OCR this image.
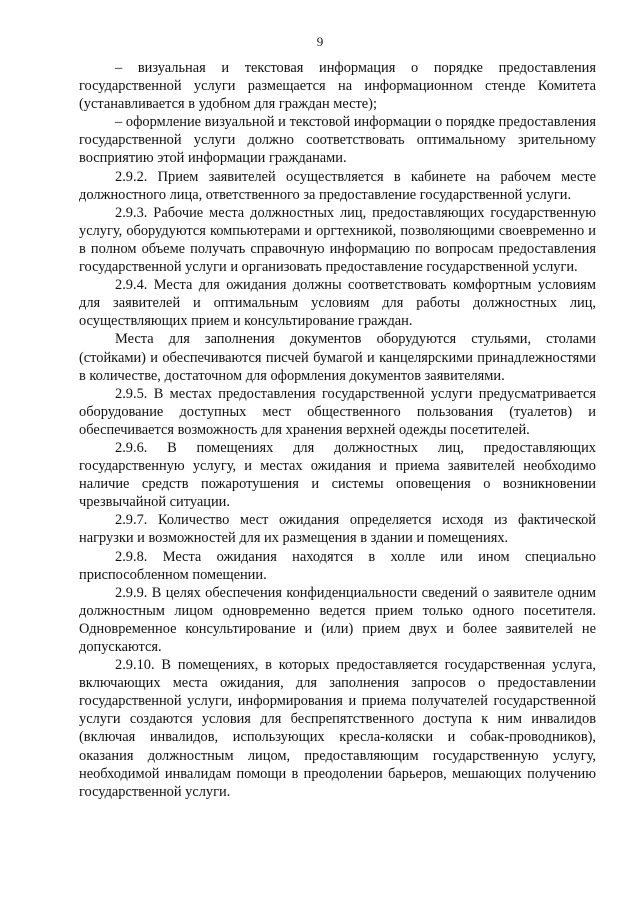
9

– визуальная и текстовая информация о порядке предоставления государственной услуги размещается на информационном стенде Комитета (устанавливается в удобном для граждан месте);

– оформление визуальной и текстовой информации о порядке предоставления государственной услуги должно соответствовать оптимальному зрительному восприятию этой информации гражданами.

2.9.2. Прием заявителей осуществляется в кабинете на рабочем месте должностного лица, ответственного за предоставление государственной услуги.

2.9.3. Рабочие места должностных лиц, предоставляющих государственную услугу, оборудуются компьютерами и оргтехникой, позволяющими своевременно и в полном объеме получать справочную информацию по вопросам предоставления государственной услуги и организовать предоставление государственной услуги.

2.9.4. Места для ожидания должны соответствовать комфортным условиям для заявителей и оптимальным условиям для работы должностных лиц, осуществляющих прием и консультирование граждан.

Места для заполнения документов оборудуются стульями, столами (стойками) и обеспечиваются писчей бумагой и канцелярскими принадлежностями в количестве, достаточном для оформления документов заявителями.

2.9.5. В местах предоставления государственной услуги предусматривается оборудование доступных мест общественного пользования (туалетов) и обеспечивается возможность для хранения верхней одежды посетителей.

2.9.6. В помещениях для должностных лиц, предоставляющих государственную услугу, и местах ожидания и приема заявителей необходимо наличие средств пожаротушения и системы оповещения о возникновении чрезвычайной ситуации.

2.9.7. Количество мест ожидания определяется исходя из фактической нагрузки и возможностей для их размещения в здании и помещениях.

2.9.8. Места ожидания находятся в холле или ином специально приспособленном помещении.

2.9.9. В целях обеспечения конфиденциальности сведений о заявителе одним должностным лицом одновременно ведется прием только одного посетителя. Одновременное консультирование и (или) прием двух и более заявителей не допускаются.

2.9.10. В помещениях, в которых предоставляется государственная услуга, включающих места ожидания, для заполнения запросов о предоставлении государственной услуги, информирования и приема получателей государственной услуги создаются условия для беспрепятственного доступа к ним инвалидов (включая инвалидов, использующих кресла-коляски и собак-проводников), оказания должностным лицом, предоставляющим государственную услугу, необходимой инвалидам помощи в преодолении барьеров, мешающих получению государственной услуги.
